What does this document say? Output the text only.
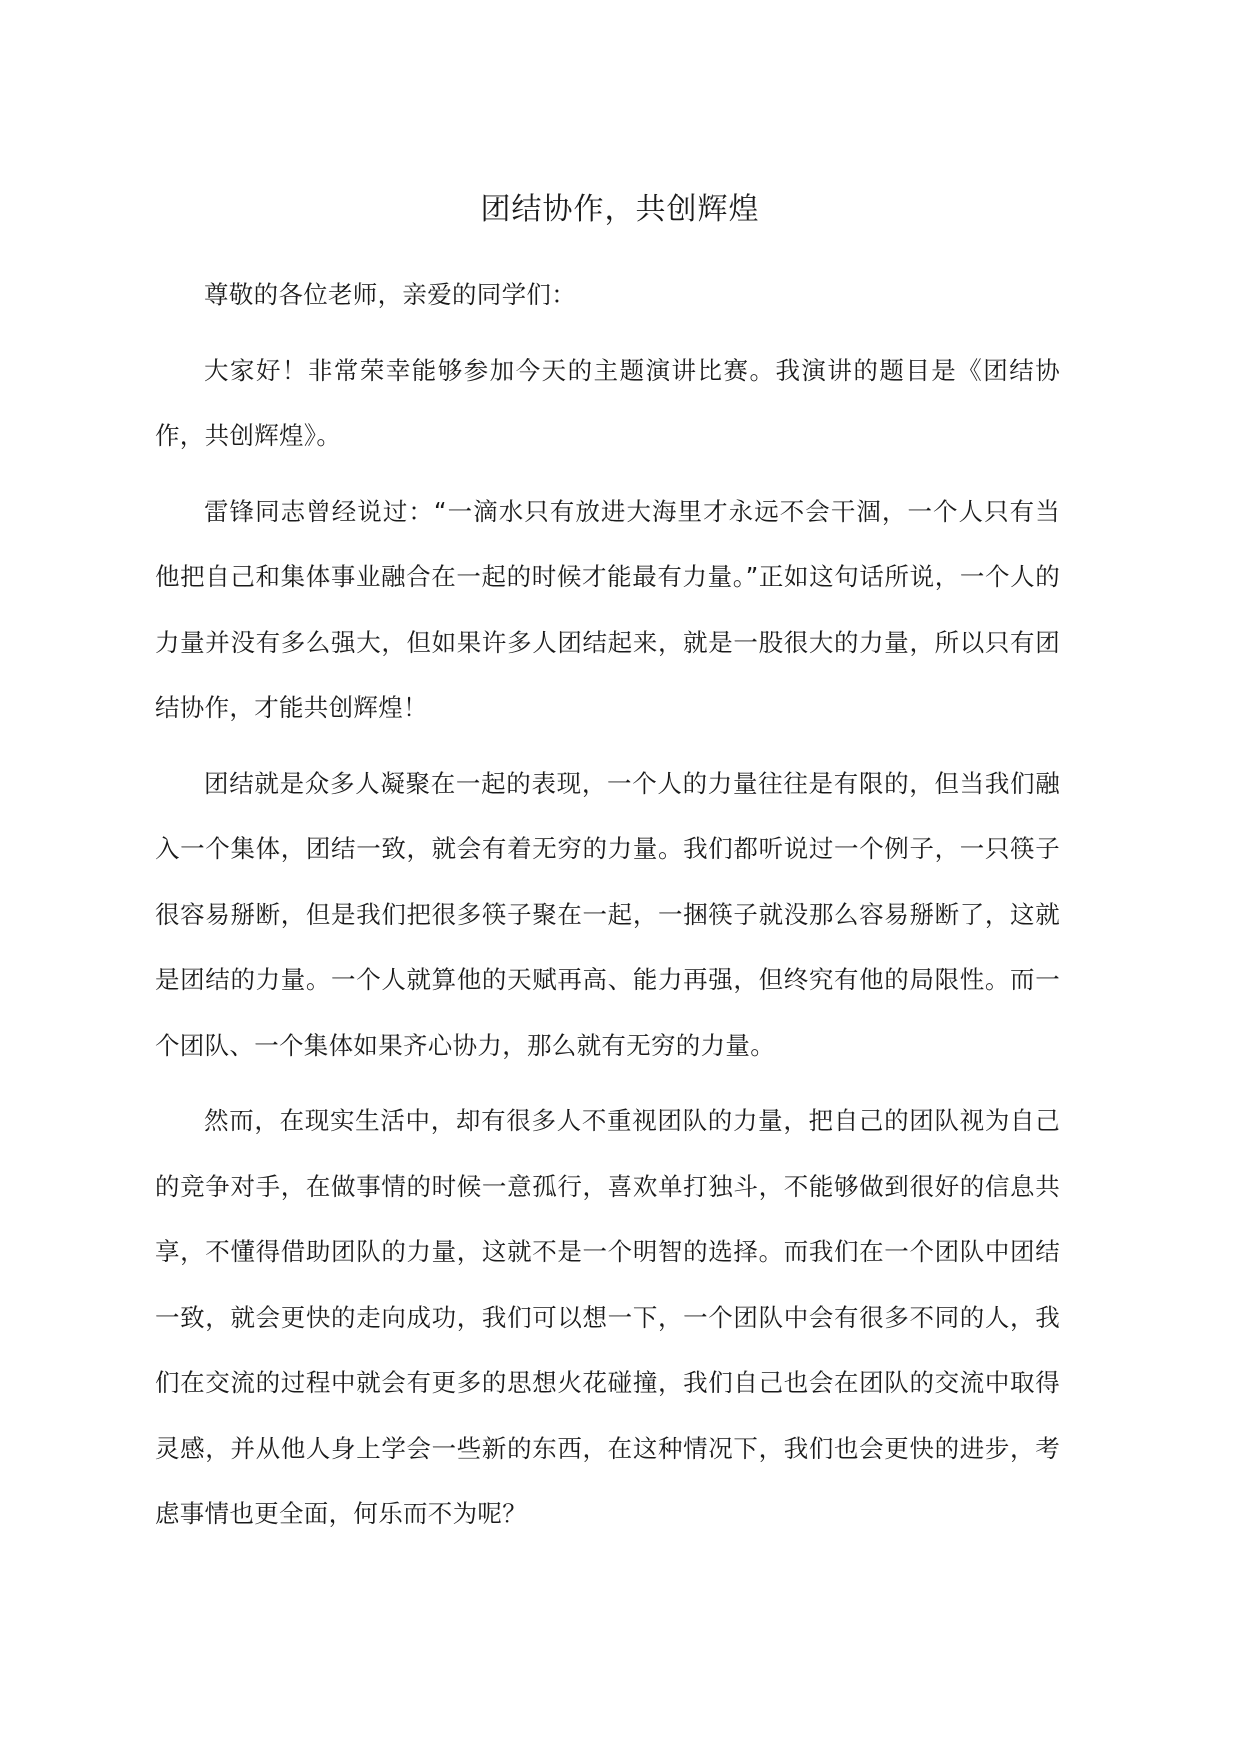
团结协作，共创辉煌

尊敬的各位老师，亲爱的同学们：

大家好！非常荣幸能够参加今天的主题演讲比赛。我演讲的题目是《团结协作，共创辉煌》。

雷锋同志曾经说过：“一滴水只有放进大海里才永远不会干涸，一个人只有当他把自己和集体事业融合在一起的时候才能最有力量。”正如这句话所说，一个人的力量并没有多么强大，但如果许多人团结起来，就是一股很大的力量，所以只有团结协作，才能共创辉煌！

团结就是众多人凝聚在一起的表现，一个人的力量往往是有限的，但当我们融入一个集体，团结一致，就会有着无穷的力量。我们都听说过一个例子，一只筷子很容易掰断，但是我们把很多筷子聚在一起，一捆筷子就没那么容易掰断了，这就是团结的力量。一个人就算他的天赋再高、能力再强，但终究有他的局限性。而一个团队、一个集体如果齐心协力，那么就有无穷的力量。

然而，在现实生活中，却有很多人不重视团队的力量，把自己的团队视为自己的竞争对手，在做事情的时候一意孤行，喜欢单打独斗，不能够做到很好的信息共享，不懂得借助团队的力量，这就不是一个明智的选择。而我们在一个团队中团结一致，就会更快的走向成功，我们可以想一下，一个团队中会有很多不同的人，我们在交流的过程中就会有更多的思想火花碰撞，我们自己也会在团队的交流中取得灵感，并从他人身上学会一些新的东西，在这种情况下，我们也会更快的进步，考虑事情也更全面，何乐而不为呢？
